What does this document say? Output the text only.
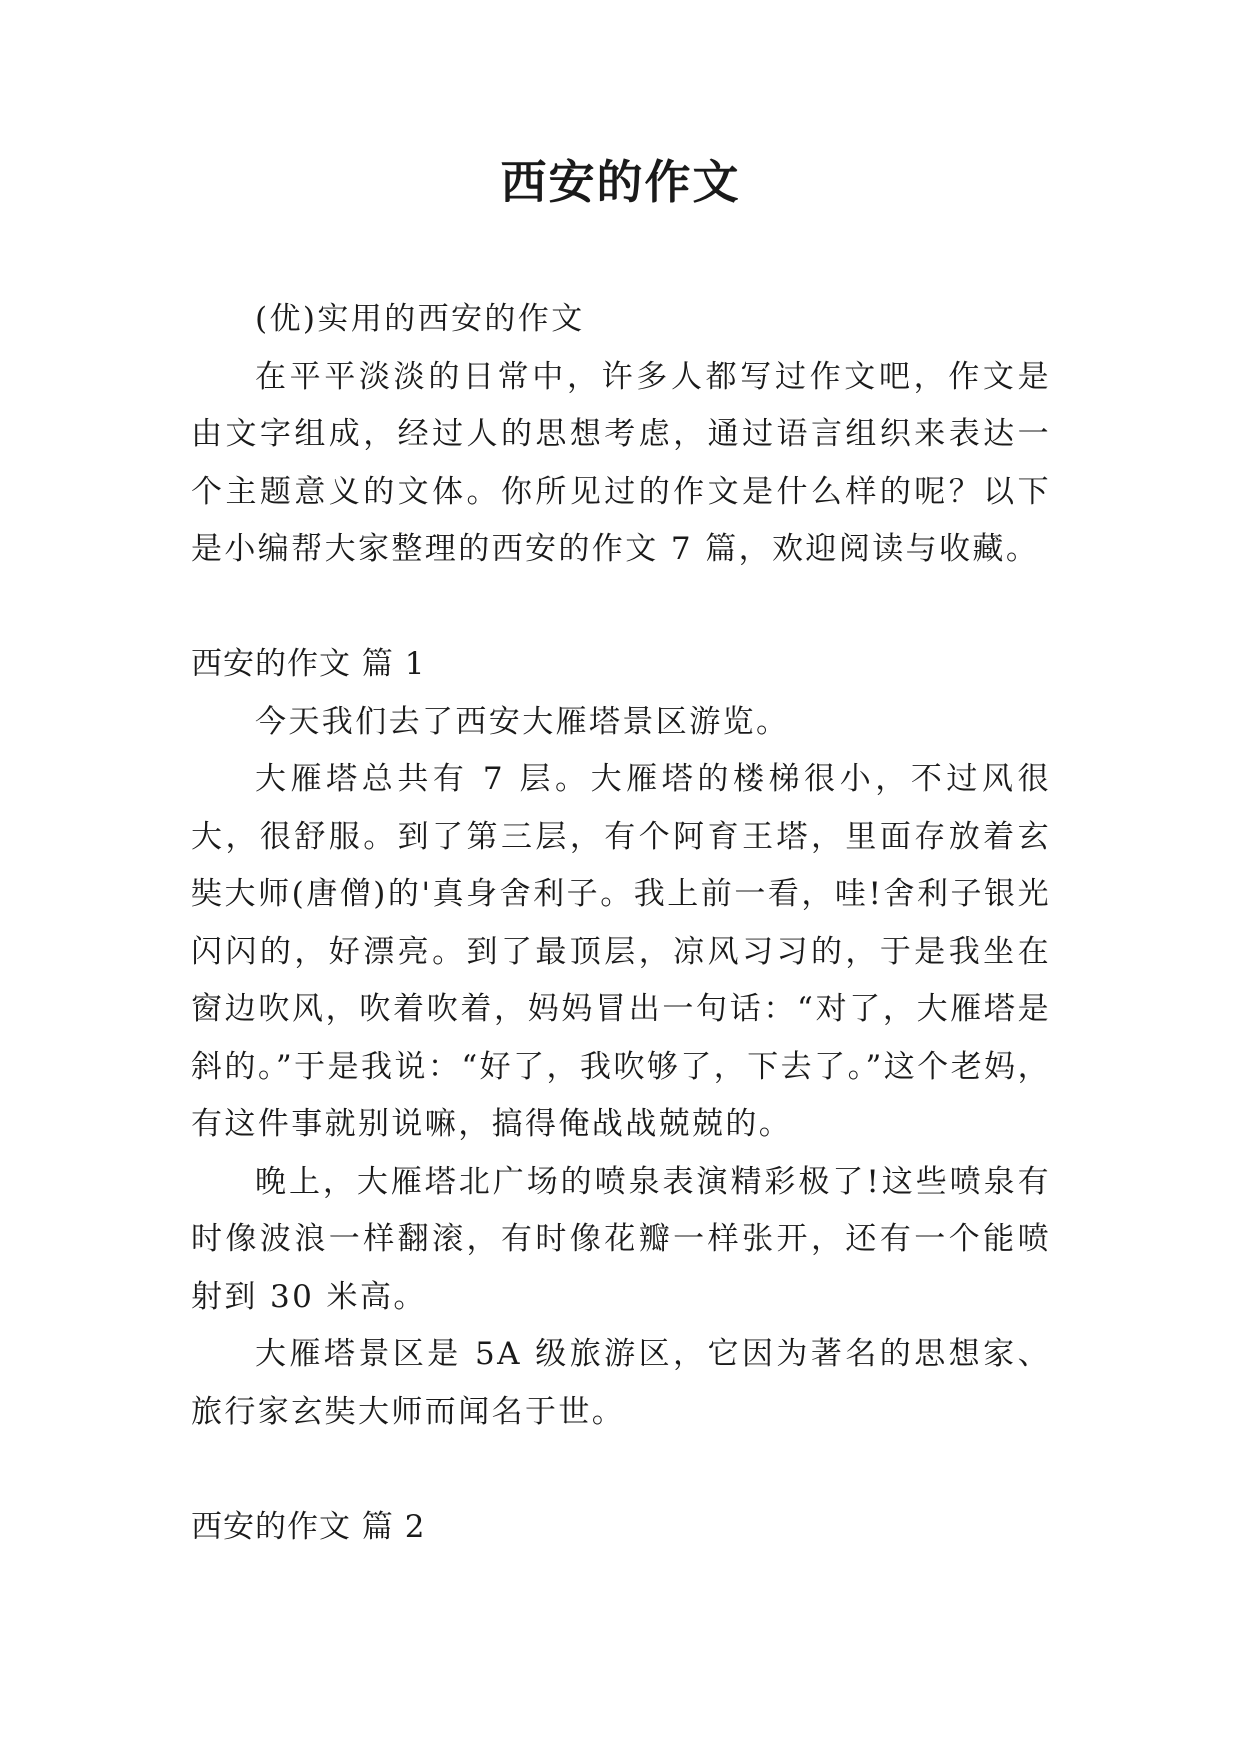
西安的作文

(优)实用的西安的作文

在平平淡淡的日常中，许多人都写过作文吧，作文是由文字组成，经过人的思想考虑，通过语言组织来表达一个主题意义的文体。你所见过的作文是什么样的呢？以下是小编帮大家整理的西安的作文 7 篇，欢迎阅读与收藏。

西安的作文 篇 1

今天我们去了西安大雁塔景区游览。

大雁塔总共有 7 层。大雁塔的楼梯很小，不过风很大，很舒服。到了第三层，有个阿育王塔，里面存放着玄奘大师(唐僧)的'真身舍利子。我上前一看，哇!舍利子银光闪闪的，好漂亮。到了最顶层，凉风习习的，于是我坐在窗边吹风，吹着吹着，妈妈冒出一句话：“对了，大雁塔是斜的。”于是我说：“好了，我吹够了，下去了。”这个老妈，有这件事就别说嘛，搞得俺战战兢兢的。

晚上，大雁塔北广场的喷泉表演精彩极了!这些喷泉有时像波浪一样翻滚，有时像花瓣一样张开，还有一个能喷射到 30 米高。

大雁塔景区是 5A 级旅游区，它因为著名的思想家、旅行家玄奘大师而闻名于世。

西安的作文 篇 2
